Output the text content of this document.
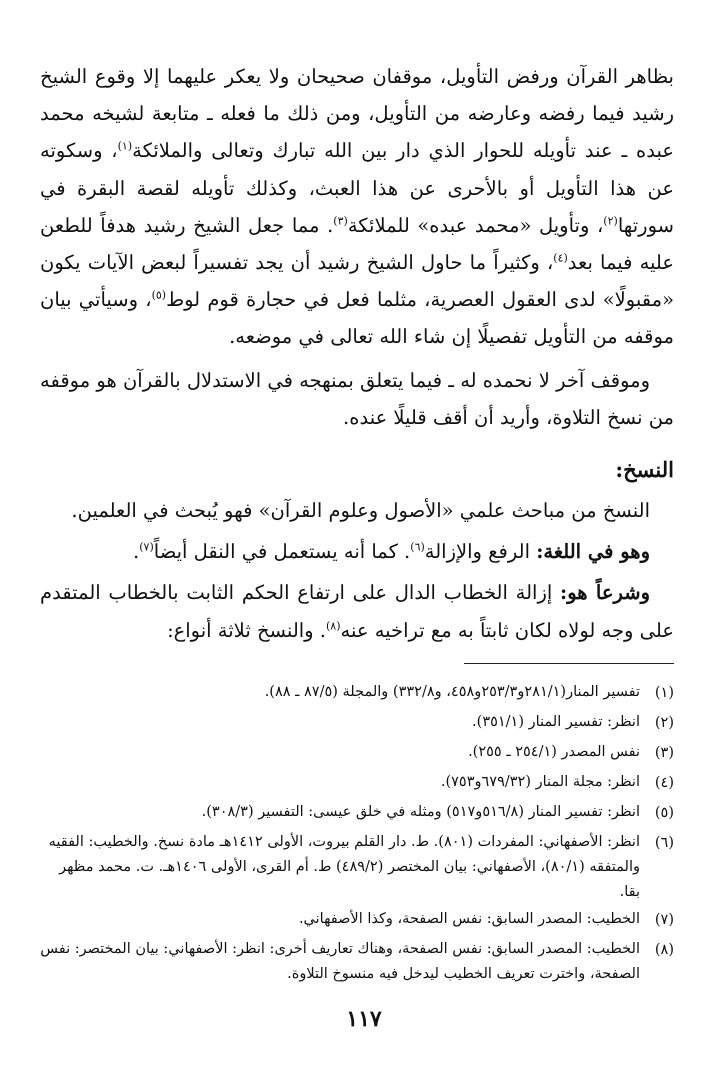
بظاهر القرآن ورفض التأويل، موقفان صحيحان ولا يعكر عليهما إلا وقوع الشيخ رشيد فيما رفضه وعارضه من التأويل، ومن ذلك ما فعله ـ متابعة لشيخه محمد عبده ـ عند تأويله للحوار الذي دار بين الله تبارك وتعالى والملائكة$^{(١)}$، وسكوته عن هذا التأويل أو بالأحرى عن هذا العبث، وكذلك تأويله لقصة البقرة في سورتها$^{(٢)}$، وتأويل «محمد عبده» للملائكة$^{(٣)}$. مما جعل الشيخ رشيد هدفاً للطعن عليه فيما بعد$^{(٤)}$، وكثيراً ما حاول الشيخ رشيد أن يجد تفسيراً لبعض الآيات يكون «مقبولًا» لدى العقول العصرية، مثلما فعل في حجارة قوم لوط$^{(٥)}$، وسيأتي بيان موقفه من التأويل تفصيلًا إن شاء الله تعالى في موضعه.

وموقف آخر لا نحمده له ـ فيما يتعلق بمنهجه في الاستدلال بالقرآن هو موقفه من نسخ التلاوة، وأريد أن أقف قليلًا عنده.

النسخ:

النسخ من مباحث علمي «الأصول وعلوم القرآن» فهو يُبحث في العلمين.

وهو في اللغة: الرفع والإزالة$^{(٦)}$. كما أنه يستعمل في النقل أيضاً$^{(٧)}$.

وشرعاً هو: إزالة الخطاب الدال على ارتفاع الحكم الثابت بالخطاب المتقدم على وجه لولاه لكان ثابتاً به مع تراخيه عنه$^{(٨)}$. والنسخ ثلاثة أنواع:

(١)
تفسير المنار(٢٨١/١و٢٥٣/٣و٤٥٨، و٣٣٢/٨) والمجلة (٨٧/٥ ـ ٨٨).
(٢)
انظر: تفسير المنار (٣٥١/١).
(٣)
نفس المصدر (٢٥٤/١ ـ ٢٥٥).
(٤)
انظر: مجلة المنار (٦٧٩/٣٢و٧٥٣).
(٥)
انظر: تفسير المنار (٥١٦/٨و٥١٧) ومثله في خلق عيسى: التفسير (٣٠٨/٣).
(٦)
انظر: الأصفهاني: المفردات (٨٠١). ط. دار القلم بيروت، الأولى ١٤١٢هـ مادة نسخ. والخطيب: الفقيه والمتفقه (٨٠/١)، الأصفهاني: بيان المختصر (٤٨٩/٢) ط. أم القرى، الأولى ١٤٠٦هـ. ت. محمد مظهر بقا.
(٧)
الخطيب: المصدر السابق: نفس الصفحة، وكذا الأصفهاني.
(٨)
الخطيب: المصدر السابق: نفس الصفحة، وهناك تعاريف أخرى: انظر: الأصفهاني: بيان المختصر: نفس الصفحة، واخترت تعريف الخطيب ليدخل فيه منسوخ التلاوة.
١١٧
